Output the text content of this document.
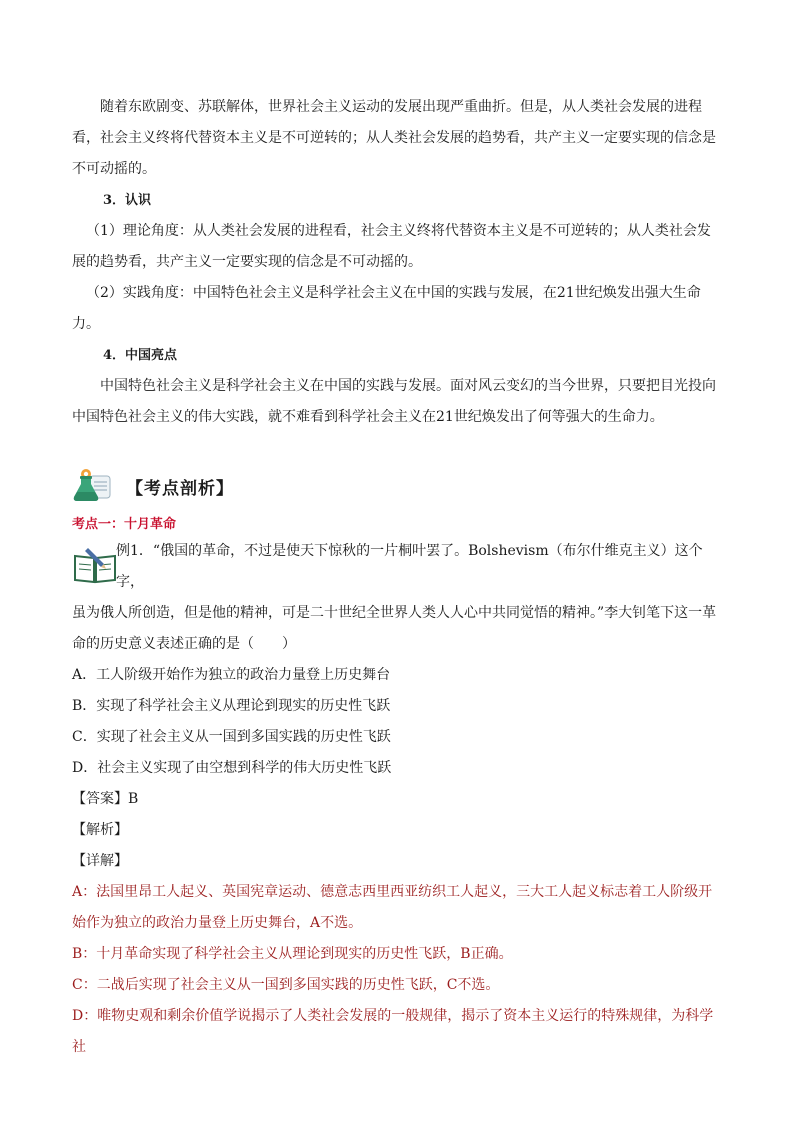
随着东欧剧变、苏联解体，世界社会主义运动的发展出现严重曲折。但是，从人类社会发展的进程看，社会主义终将代替资本主义是不可逆转的；从人类社会发展的趋势看，共产主义一定要实现的信念是不可动摇的。

3．认识

（1）理论角度：从人类社会发展的进程看，社会主义终将代替资本主义是不可逆转的；从人类社会发展的趋势看，共产主义一定要实现的信念是不可动摇的。

（2）实践角度：中国特色社会主义是科学社会主义在中国的实践与发展，在21世纪焕发出强大生命力。

4．中国亮点

中国特色社会主义是科学社会主义在中国的实践与发展。面对风云变幻的当今世界，只要把目光投向中国特色社会主义的伟大实践，就不难看到科学社会主义在21世纪焕发出了何等强大的生命力。

【考点剖析】
考点一：十月革命

例1．“俄国的革命，不过是使天下惊秋的一片桐叶罢了。Bolshevism（布尔什维克主义）这个字，

虽为俄人所创造，但是他的精神，可是二十世纪全世界人类人人心中共同觉悟的精神。”李大钊笔下这一革命的历史意义表述正确的是（　　）

A．工人阶级开始作为独立的政治力量登上历史舞台

B．实现了科学社会主义从理论到现实的历史性飞跃

C．实现了社会主义从一国到多国实践的历史性飞跃

D．社会主义实现了由空想到科学的伟大历史性飞跃

【答案】B

【解析】

【详解】

A：法国里昂工人起义、英国宪章运动、德意志西里西亚纺织工人起义，三大工人起义标志着工人阶级开始作为独立的政治力量登上历史舞台，A不选。

B：十月革命实现了科学社会主义从理论到现实的历史性飞跃，B正确。

C：二战后实现了社会主义从一国到多国实践的历史性飞跃，C不选。

D：唯物史观和剩余价值学说揭示了人类社会发展的一般规律，揭示了资本主义运行的特殊规律，为科学社
